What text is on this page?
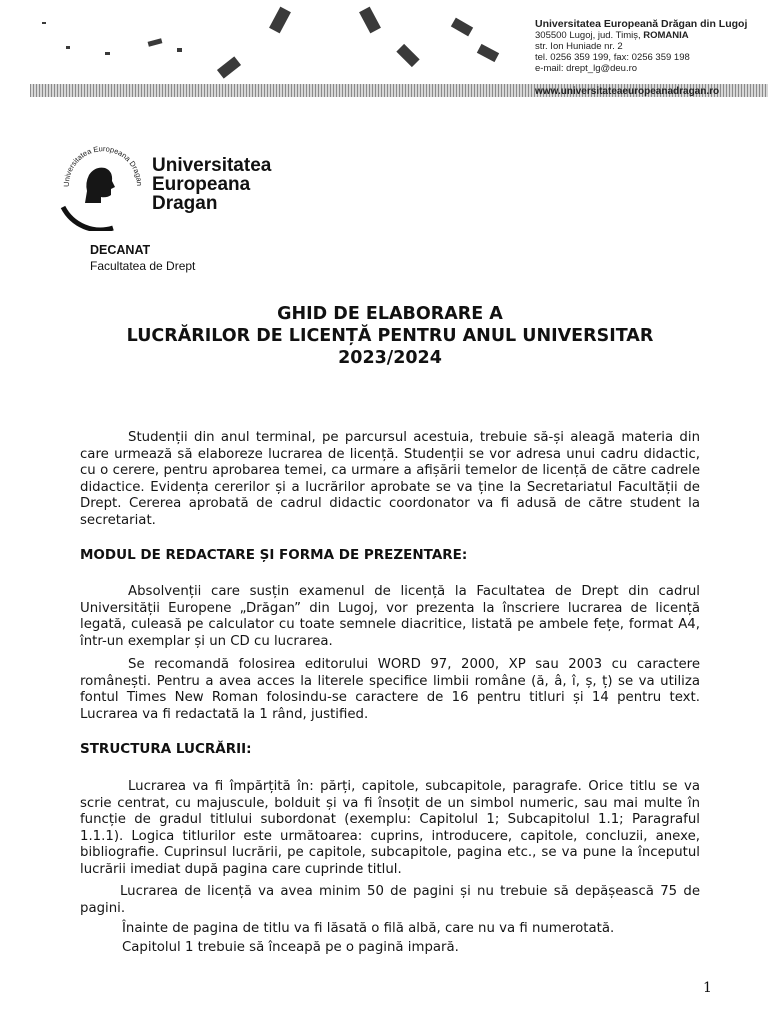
Universitatea Europeană Drăgan din Lugoj
305500 Lugoj, jud. Timiș, ROMANIA
str. Ion Huniade nr. 2
tel. 0256 359 199, fax: 0256 359 198
e-mail: drept_lg@deu.ro
www.universitateaeuropeanadragan.ro
Universitatea Europeana Dragan
Universitatea
Europeana
Dragan
DECANAT
Facultatea de Drept
GHID DE ELABORARE A
LUCRĂRILOR DE LICENȚĂ PENTRU ANUL UNIVERSITAR
2023/2024
Studenții din anul terminal, pe parcursul acestuia, trebuie să-și aleagă materia din care urmează să elaboreze lucrarea de licență. Studenții se vor adresa unui cadru didactic, cu o cerere, pentru aprobarea temei, ca urmare a afișării temelor de licență de către cadrele didactice. Evidența cererilor și a lucrărilor aprobate se va ține la Secretariatul Facultății de Drept. Cererea aprobată de cadrul didactic coordonator va fi adusă de către student la secretariat.
MODUL DE REDACTARE ȘI FORMA DE PREZENTARE:
Absolvenții care susțin examenul de licență la Facultatea de Drept din cadrul Universității Europene „Drăgan” din Lugoj, vor prezenta la înscriere lucrarea de licență legată, culeasă pe calculator cu toate semnele diacritice, listată pe ambele fețe, format A4, într-un exemplar și un CD cu lucrarea.
Se recomandă folosirea editorului WORD 97, 2000, XP sau 2003 cu caractere românești. Pentru a avea acces la literele specifice limbii române (ă, â, î, ș, ț) se va utiliza fontul Times New Roman folosindu-se caractere de 16 pentru titluri și 14 pentru text. Lucrarea va fi redactată la 1 rând, justified.
STRUCTURA LUCRĂRII:
Lucrarea va fi împărțită în: părți, capitole, subcapitole, paragrafe. Orice titlu se va scrie centrat, cu majuscule, bolduit și va fi însoțit de un simbol numeric, sau mai multe în funcție de gradul titlului subordonat (exemplu: Capitolul 1; Subcapitolul 1.1; Paragraful 1.1.1). Logica titlurilor este următoarea: cuprins, introducere, capitole, concluzii, anexe, bibliografie. Cuprinsul lucrării, pe capitole, subcapitole, pagina etc., se va pune la începutul lucrării imediat după pagina care cuprinde titlul.
Lucrarea de licență va avea minim 50 de pagini și nu trebuie să depășească 75 de pagini.
Înainte de pagina de titlu va fi lăsată o filă albă, care nu va fi numerotată.
Capitolul 1 trebuie să înceapă pe o pagină impară.
1
